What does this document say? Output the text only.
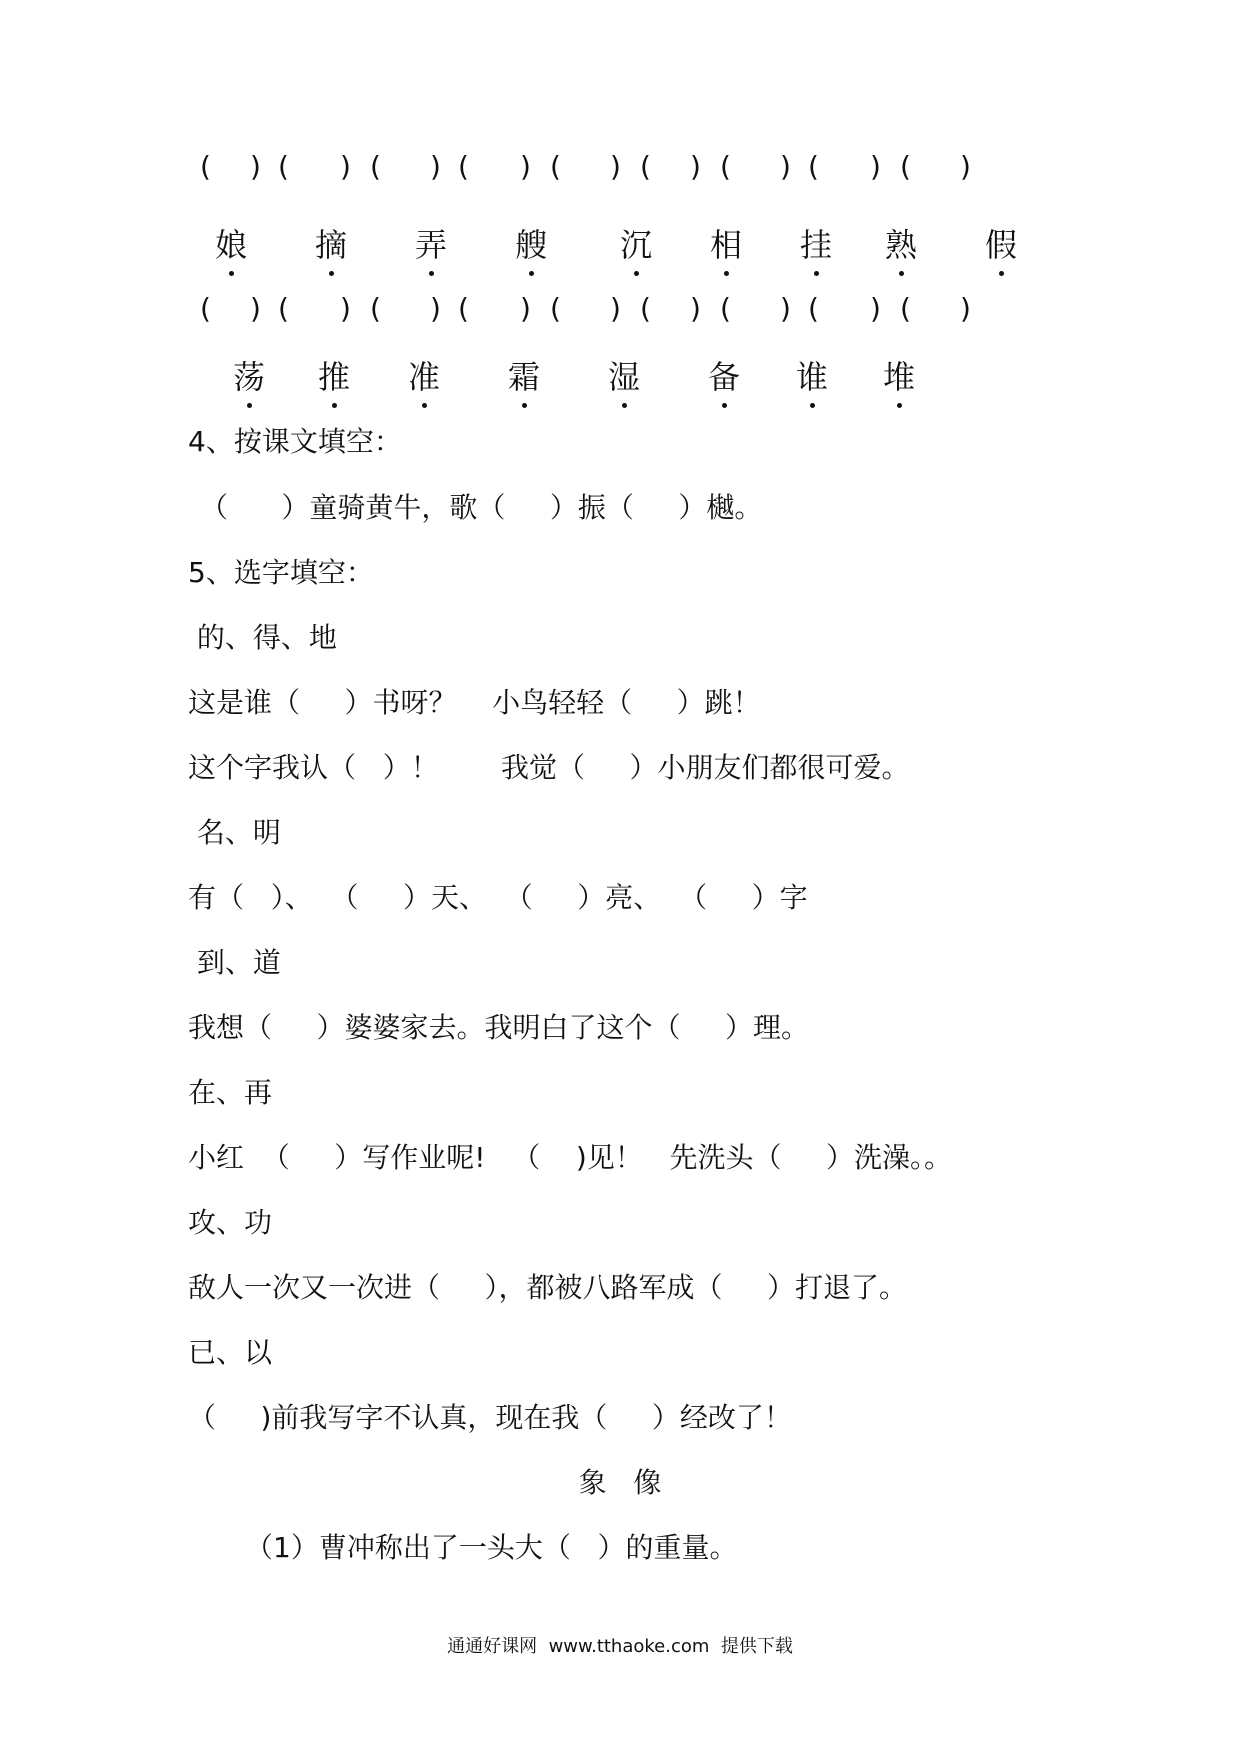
( ) ( ) ( ) ( ) ( ) ( ) ( ) ( ) ( )
娘 摘 弄 艘 沉 相 挂 熟 假
( ) ( ) ( ) ( ) ( ) ( ) ( ) ( ) ( )
荡 推 准 霜 湿 备 谁 堆
4、按课文填空：
（      ）童骑黄牛，歌（     ）振（     ）樾。
5、选字填空：
的、得、地
这是谁（     ）书呀？    小鸟轻轻（     ）跳！
这个字我认（   ）！       我觉（     ）小朋友们都很可爱。
名、明
有（   ）、  （     ）天、  （     ）亮、  （     ）字
到、道
我想（     ）婆婆家去。我明白了这个（     ）理。
在、再
小红  （     ）写作业呢!   （    )见！   先洗头（     ）洗澡。。
攻、功
敌人一次又一次进（     ），都被八路军成（     ）打退了。
已、以
（     )前我写字不认真，现在我（     ）经改了！
象   像
（1）曹冲称出了一头大（   ）的重量。
通通好课网  www.tthaoke.com  提供下载
